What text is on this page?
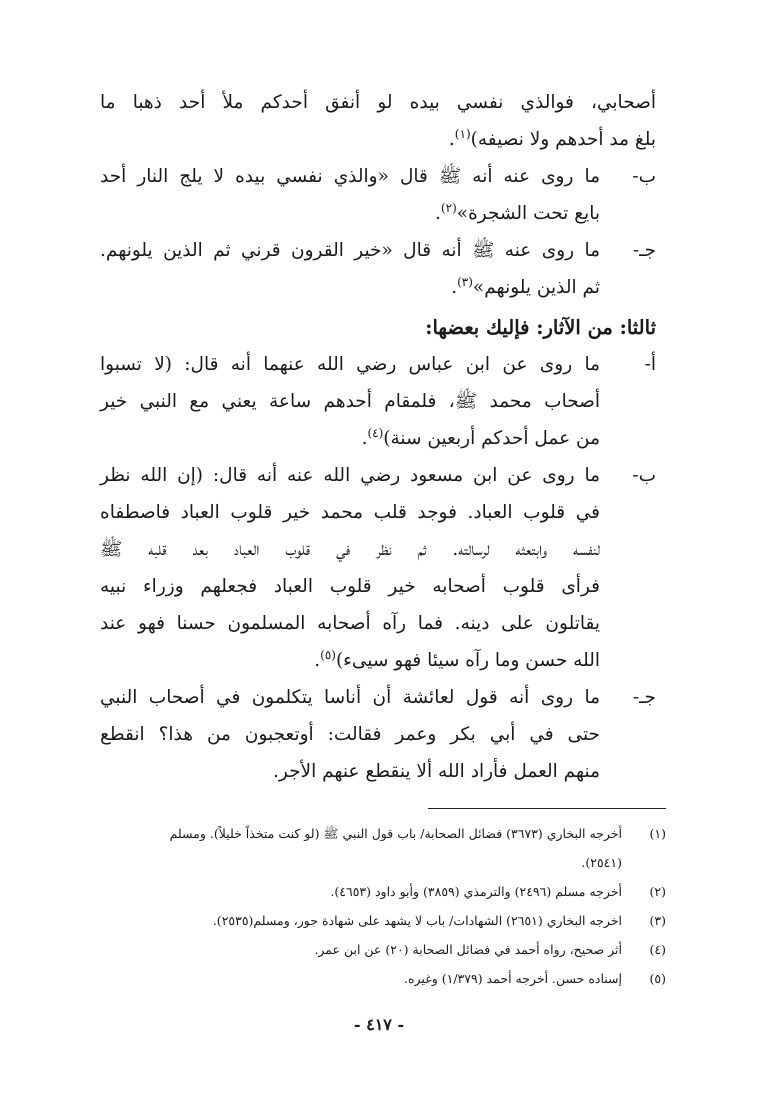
أصحابي، فوالذي نفسي بيده لو أنفق أحدكم ملأ أحد ذهبا ما
بلغ مد أحدهم ولا نصيفه)$^{(١)}$.
ب-
ما روى عنه أنه ﷺ قال «والذي نفسي بيده لا يلج النار أحد
بايع تحت الشجرة»$^{(٢)}$.
جـ-
ما روى عنه ﷺ أنه قال «خير القرون قرني ثم الذين يلونهم.
ثم الذين يلونهم»$^{(٣)}$.
ثالثا: من الآثار: فإليك بعضها:
أ-
ما روى عن ابن عباس رضي الله عنهما أنه قال: (لا تسبوا
أصحاب محمد ﷺ، فلمقام أحدهم ساعة يعني مع النبي خير
من عمل أحدكم أربعين سنة)$^{(٤)}$.
ب-
ما روى عن ابن مسعود رضي الله عنه أنه قال: (إن الله نظر
في قلوب العباد. فوجد قلب محمد خير قلوب العباد فاصطفاه
لنفسه وابتعثه لرسالته. ثم نظر في قلوب العباد بعد قلبه ﷺ
فرأى قلوب أصحابه خير قلوب العباد فجعلهم وزراء نبيه
يقاتلون على دينه. فما رآه أصحابه المسلمون حسنا فهو عند
الله حسن وما رآه سيئا فهو سيىء)$^{(٥)}$.
جـ-
ما روى أنه قول لعائشة أن أناسا يتكلمون في أصحاب النبي
حتى في أبي بكر وعمر فقالت: أوتعجبون من هذا؟ انقطع
منهم العمل فأراد الله ألا ينقطع عنهم الأجر.
(١)
أخرجه البخاري (٣٦٧٣) فضائل الصحابة/ باب قول النبي ﷺ (لو كنت متخذاً خليلاً). ومسلم
(٢٥٤١).
(٢)
أخرجه مسلم (٢٤٩٦) والترمذي (٣٨٥٩) وأبو داود (٤٦٥٣).
(٣)
اخرجه البخاري (٢٦٥١) الشهادات/ باب لا يشهد على شهادة جور، ومسلم(٢٥٣٥).
(٤)
أثر صحيح، رواه أحمد في فضائل الصحابة (٢٠) عن ابن عمر.
(٥)
إسناده حسن. أخرجه أحمد (١/٣٧٩) وغيره.
- ٤١٧ -
